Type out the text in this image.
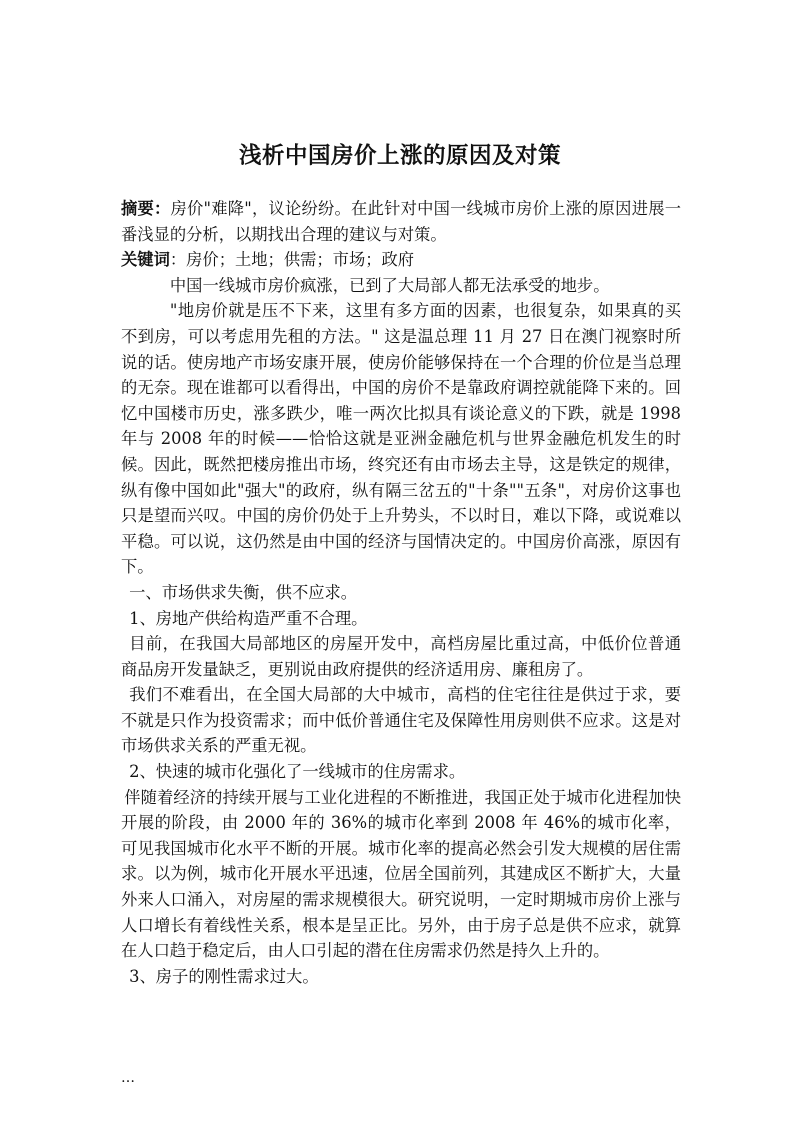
浅析中国房价上涨的原因及对策

摘要：房价"难降"，议论纷纷。在此针对中国一线城市房价上涨的原因进展一番浅显的分析，以期找出合理的建议与对策。

关键词：房价；土地；供需；市场；政府

中国一线城市房价疯涨，已到了大局部人都无法承受的地步。

"地房价就是压不下来，这里有多方面的因素，也很复杂，如果真的买不到房，可以考虑用先租的方法。" 这是温总理 11 月 27 日在澳门视察时所说的话。使房地产市场安康开展，使房价能够保持在一个合理的价位是当总理的无奈。现在谁都可以看得出，中国的房价不是靠政府调控就能降下来的。回忆中国楼市历史，涨多跌少，唯一两次比拟具有谈论意义的下跌，就是 1998 年与 2008 年的时候——恰恰这就是亚洲金融危机与世界金融危机发生的时候。因此，既然把楼房推出市场，终究还有由市场去主导，这是铁定的规律，纵有像中国如此"强大"的政府，纵有隔三岔五的"十条""五条"，对房价这事也只是望而兴叹。中国的房价仍处于上升势头，不以时日，难以下降，或说难以平稳。可以说，这仍然是由中国的经济与国情决定的。中国房价高涨，原因有下。

一、市场供求失衡，供不应求。

1、房地产供给构造严重不合理。

目前，在我国大局部地区的房屋开发中，高档房屋比重过高，中低价位普通商品房开发量缺乏，更别说由政府提供的经济适用房、廉租房了。

我们不难看出，在全国大局部的大中城市，高档的住宅往往是供过于求，要不就是只作为投资需求；而中低价普通住宅及保障性用房则供不应求。这是对市场供求关系的严重无视。

2、快速的城市化强化了一线城市的住房需求。

伴随着经济的持续开展与工业化进程的不断推进，我国正处于城市化进程加快开展的阶段，由 2000 年的 36%的城市化率到 2008 年 46%的城市化率，可见我国城市化水平不断的开展。城市化率的提高必然会引发大规模的居住需求。以为例，城市化开展水平迅速，位居全国前列，其建成区不断扩大，大量外来人口涌入，对房屋的需求规模很大。研究说明，一定时期城市房价上涨与人口增长有着线性关系，根本是呈正比。另外，由于房子总是供不应求，就算在人口趋于稳定后，由人口引起的潜在住房需求仍然是持久上升的。

3、房子的刚性需求过大。

…
